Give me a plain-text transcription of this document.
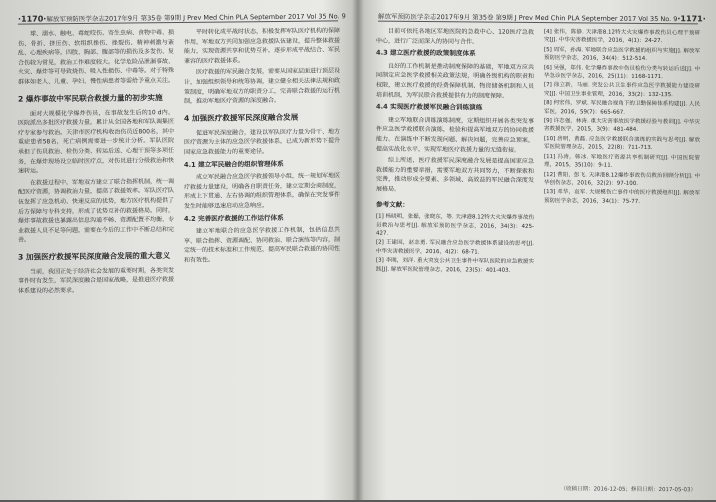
·1170· 解放军预防医学杂志 2017年9月 第35卷 第9期 J Prev Med Chin PLA September 2017 Vol 35 No. 9

球、溺水、触电、毒蛇咬伤、寄生虫病、食物中毒、损伤、骨折、挤压伤、软组织挫伤、挫裂伤、精神刺激与紊乱、心理疾病等。四肢、胸部、腹部等的损伤及多发伤、复合伤较为常见，救治工作难度较大。化学危险品泄漏事故、火灾、爆炸等可导致烧伤、吸入性损伤、中毒等。对于特殊群体如老人、儿童、孕妇、慢性病患者等需给予重点关注。

2 爆炸事故中军民联合救援力量的初步实施

面对大规模化学爆炸伤员，在事故发生后的10 d内，医院派出多批医疗救援力量，累计从全国各地和军队调集医疗专家参与救治。天津市医疗机构收治伤员近800名，其中重症患者58名，死亡病例需要进一步统计分析。军队医院承担了伤员救治、检伤分类、转运后送、心理干预等多项任务，在爆炸现场设立临时医疗点，对伤员进行分级救治和快速转运。

在救援过程中，军地双方建立了联合指挥机制，统一调配医疗资源，协调救治力量，提高了救援效率。军队医疗队伍发挥了应急机动、快速反应的优势，地方医疗机构提供了后方保障与专科支持，形成了优势互补的救援格局。同时，爆炸事故救援也暴露出信息沟通不畅、资源配置不均衡、专业救援人员不足等问题，需要在今后的工作中不断总结和完善。

3 加强医疗救援军民深度融合发展的重大意义

当前，我国正处于经济社会发展的重要时期，各类突发事件时有发生，军民深度融合是国家战略，是推进医疗救援体系建设的必然要求。

平时转化成平战时状态，积极发挥军队医疗机构的保障作用，军地双方共同加强应急救援队伍建设，提升整体救援能力，实现资源共享和优势互补，逐步形成平战结合、军民兼容的医疗救援体系。

医疗救援的军民融合发展，需要从国家层面进行顶层设计，加强组织领导和统筹协调，建立健全相关法律法规和政策制度，明确军地双方的职责分工，完善联合救援的运行机制，推动军地医疗资源的深度融合。

4 加强医疗救援军民深度融合发展

促进军民深度融合，建设以军队医疗力量为骨干、地方医疗资源为主体的应急医学救援体系，已成为新形势下提升国家应急救援能力的重要途径。

4.1 建立军民融合的组织管理体系

成立军民融合应急医学救援领导小组，统一规划军地医疗救援力量建设，明确各自职责任务，建立定期会商制度，形成上下贯通、左右协调的组织管理体系，确保在突发事件发生时能够迅速启动应急响应。

4.2 完善医疗救援的工作运行体系

建立军地联合的应急医学救援工作机制，包括信息共享、联合指挥、资源调配、协同救治、联合演练等内容，制定统一的技术标准和工作规范，提高军民联合救援的协同性和有效性。

解放军预防医学杂志 2017年9月 第35卷 第9期 J Prev Med Chin PLA September 2017 Vol 35 No. 9 ·1171·

目前可依托各地区军地医院的急救中心、120医疗急救中心，进行广泛而深入的协同与合作。

4.3 建立医疗救援的政策制度体系

良好的工作机制是推动制度保障的基础，军地双方应共同制定应急医学救援相关政策法规，明确各级机构的职责和权限，建立医疗救援的经费保障机制、物资储备机制和人员培训机制，为军民联合救援提供有力的制度保障。

4.4 实现医疗救援军民融合训练演练

建立军地联合训练演练制度，定期组织开展各类突发事件应急医学救援联合演练，检验和提高军地双方的协同救援能力。在演练中不断发现问题、解决问题，完善应急预案，提高实战化水平，实现军地医疗救援力量的无缝衔接。

综上所述，医疗救援军民深度融合发展是提高国家应急救援能力的重要举措，需要军地双方共同努力，不断探索和完善，推动形成全要素、多领域、高效益的军民融合深度发展格局。

参考文献：
[1] 杨晓明，张磊，张晓东，等. 天津港8.12特大火灾爆炸事故伤员救治与思考[J]. 解放军预防医学杂志，2016，34(3)：425-427.
[2] 王建国，赵志勇. 军民融合应急医学救援体系建设的思考[J]. 中华灾害救援医学，2016，4(2)：68-71.
[3] 李刚，刘洋. 重大突发公共卫生事件中军队医院的应急救援实践[J]. 解放军医院管理杂志，2016，23(5)：401-403.
[4] 张伟，陈静. 天津港8.12特大火灾爆炸事故伤员心理干预研究[J]. 中华灾害救援医学，2016，4(1)：24-27.
[5] 周军，孙海. 军地联合应急医学救援的组织与实施[J]. 解放军预防医学杂志，2016，34(4)：512-514.
[6] 吴强，郑伟. 化学爆炸事故中伤员检伤分类与转运后送[J]. 中华急诊医学杂志，2016，25(11)：1168-1171.
[7] 徐立新，马丽. 突发公共卫生事件应急医学救援能力建设研究[J]. 中国卫生事业管理，2016，33(2)：132-135.
[8] 何宏伟，罗斌. 军民融合视角下的卫勤保障体系构建[J]. 人民军医，2016，59(7)：665-667.
[9] 许志强，林涛. 重大灾害事故医学救援经验与教训[J]. 中华灾害救援医学，2015，3(9)：481-484.
[10] 唐明，黄磊. 应急医学救援联合演练的实践与思考[J]. 解放军医院管理杂志，2015，22(8)：711-713.
[11] 冯涛，韩冰. 军地医疗资源共享机制研究[J]. 中国医院管理，2015，35(10)：9-11.
[12] 曹阳，彭飞. 天津港8.12爆炸事故伤员救治回顾分析[J]. 中华创伤杂志，2016，32(2)：97-100.
[13] 邓华，袁军. 大规模伤亡事件中的医疗救援组织[J]. 解放军预防医学杂志，2016，34(1)：75-77.
（收稿日期：2016-12-05；修回日期：2017-05-03）
